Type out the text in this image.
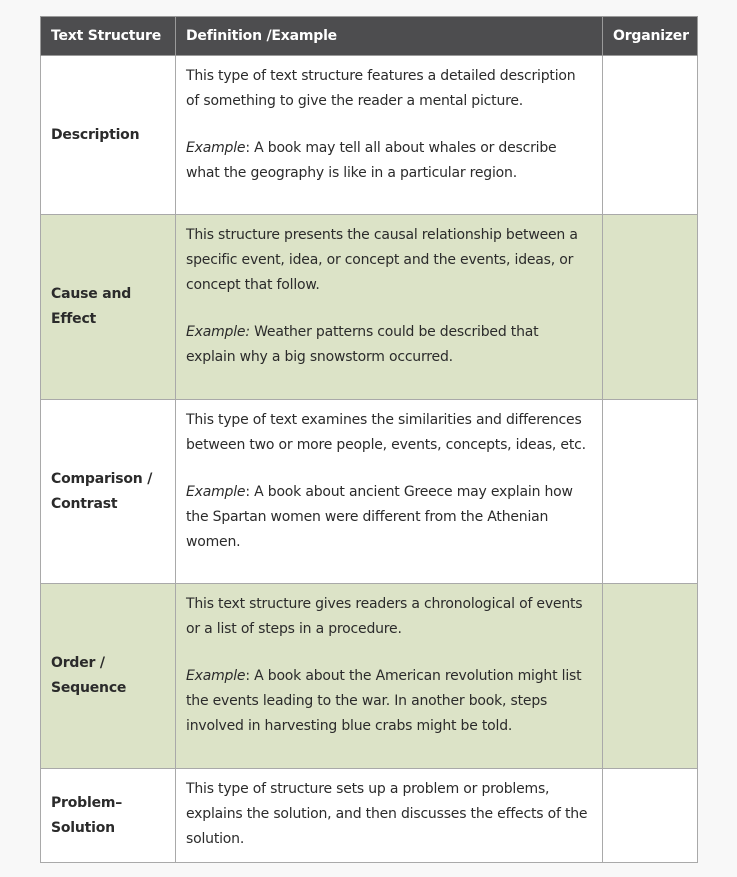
Text Structure	Definition /Example	Organizer
Description	This type of text structure features a detailed description of something to give the reader a mental picture.

Example: A book may tell all about whales or describe what the geography is like in a particular region.	

Cause and Effect	This structure presents the causal relationship between a specific event, idea, or concept and the events, ideas, or concept that follow.

Example: Weather patterns could be described that explain why a big snowstorm occurred.	

Comparison / Contrast	This type of text examines the similarities and differences between two or more people, events, concepts, ideas, etc.

Example: A book about ancient Greece may explain how the Spartan women were different from the Athenian women.	

Order / Sequence	This text structure gives readers a chronological of events or a list of steps in a procedure.

Example: A book about the American revolution might list the events leading to the war. In another book, steps involved in harvesting blue crabs might be told.	

Problem–Solution	This type of structure sets up a problem or problems, explains the solution, and then discusses the effects of the solution.	
